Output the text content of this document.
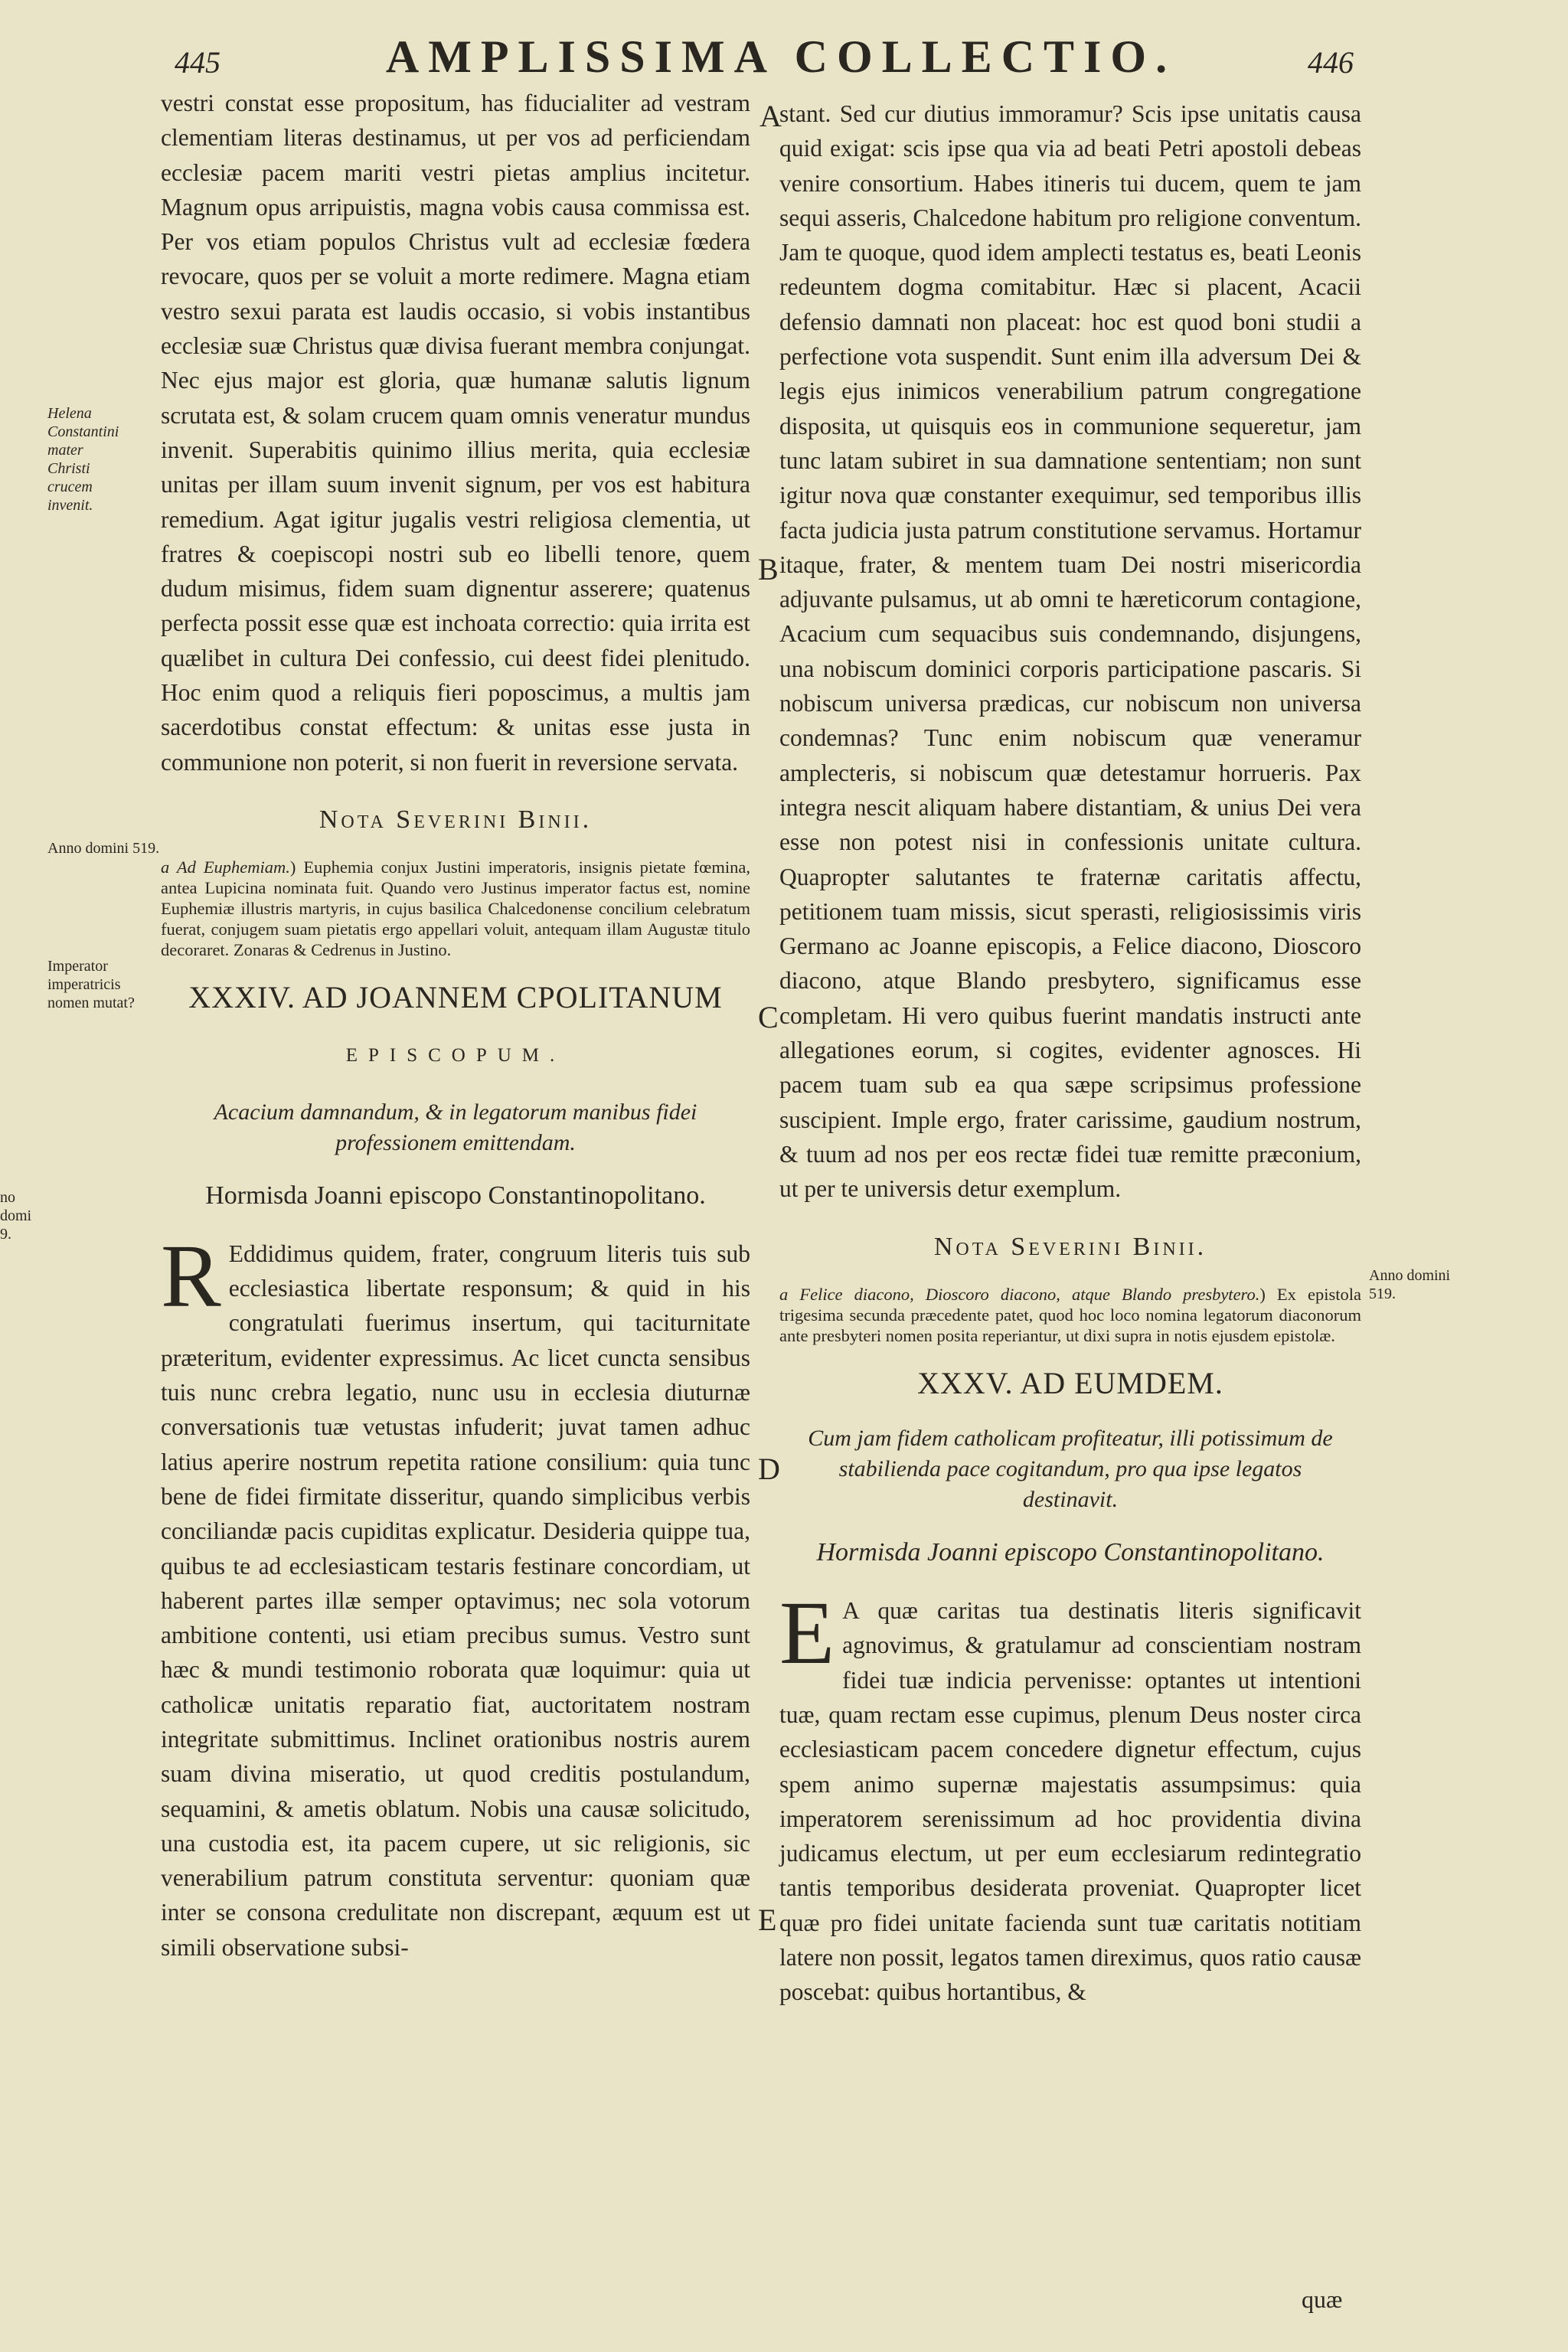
445	AMPLISSIMA COLLECTIO.	446
Helena Constantini mater Christi crucem invenit.
Anno domini 519.
Imperator imperatricis nomen mutat?
no domi 9.
Anno domini 519.
A
B
C
D
E

vestri constat esse propositum, has fiducialiter ad vestram clementiam literas destinamus, ut per vos ad perficiendam ecclesiæ pacem mariti vestri pietas amplius incitetur. Magnum opus arripuistis, magna vobis causa commissa est. Per vos etiam populos Christus vult ad ecclesiæ fœdera revocare, quos per se voluit a morte redimere. Magna etiam vestro sexui parata est laudis occasio, si vobis instantibus ecclesiæ suæ Christus quæ divisa fuerant membra conjungat. Nec ejus major est gloria, quæ humanæ salutis lignum scrutata est, & solam crucem quam omnis veneratur mundus invenit. Superabitis quinimo illius merita, quia ecclesiæ unitas per illam suum invenit signum, per vos est habitura remedium. Agat igitur jugalis vestri religiosa clementia, ut fratres & coepiscopi nostri sub eo libelli tenore, quem dudum misimus, fidem suam dignentur asserere; quatenus perfecta possit esse quæ est inchoata correctio: quia irrita est quælibet in cultura Dei confessio, cui deest fidei plenitudo. Hoc enim quod a reliquis fieri poposcimus, a multis jam sacerdotibus constat effectum: & unitas esse justa in communione non poterit, si non fuerit in reversione servata.

Nota Severini Binii.

a Ad Euphemiam.) Euphemia conjux Justini imperatoris, insignis pietate fœmina, antea Lupicina nominata fuit. Quando vero Justinus imperator factus est, nomine Euphemiæ illustris martyris, in cujus basilica Chalcedonense concilium celebratum fuerat, conjugem suam pietatis ergo appellari voluit, antequam illam Augustæ titulo decoraret. Zonaras & Cedrenus in Justino.

XXXIV. AD JOANNEM CPOLITANUM
EPISCOPUM.
Acacium damnandum, & in legatorum manibus fidei professionem emittendam.
Hormisda Joanni episcopo Constantinopolitano.

R Eddidimus quidem, frater, congruum literis tuis sub ecclesiastica libertate responsum; & quid in his congratulati fuerimus insertum, qui taciturnitate præteritum, evidenter expressimus. Ac licet cuncta sensibus tuis nunc crebra legatio, nunc usu in ecclesia diuturnæ conversationis tuæ vetustas infuderit; juvat tamen adhuc latius aperire nostrum repetita ratione consilium: quia tunc bene de fidei firmitate disseritur, quando simplicibus verbis conciliandæ pacis cupiditas explicatur. Desideria quippe tua, quibus te ad ecclesiasticam testaris festinare concordiam, ut haberent partes illæ semper optavimus; nec sola votorum ambitione contenti, usi etiam precibus sumus. Vestro sunt hæc & mundi testimonio roborata quæ loquimur: quia ut catholicæ unitatis reparatio fiat, auctoritatem nostram integritate submittimus. Inclinet orationibus nostris aurem suam divina miseratio, ut quod creditis postulandum, sequamini, & ametis oblatum. Nobis una causæ solicitudo, una custodia est, ita pacem cupere, ut sic religionis, sic venerabilium patrum constituta serventur: quoniam quæ inter se consona credulitate non discrepant, æquum est ut simili observatione subsi-

stant. Sed cur diutius immoramur? Scis ipse unitatis causa quid exigat: scis ipse qua via ad beati Petri apostoli debeas venire consortium. Habes itineris tui ducem, quem te jam sequi asseris, Chalcedone habitum pro religione conventum. Jam te quoque, quod idem amplecti testatus es, beati Leonis redeuntem dogma comitabitur. Hæc si placent, Acacii defensio damnati non placeat: hoc est quod boni studii a perfectione vota suspendit. Sunt enim illa adversum Dei & legis ejus inimicos venerabilium patrum congregatione disposita, ut quisquis eos in communione sequeretur, jam tunc latam subiret in sua damnatione sententiam; non sunt igitur nova quæ constanter exequimur, sed temporibus illis facta judicia justa patrum constitutione servamus. Hortamur itaque, frater, & mentem tuam Dei nostri misericordia adjuvante pulsamus, ut ab omni te hæreticorum contagione, Acacium cum sequacibus suis condemnando, disjungens, una nobiscum dominici corporis participatione pascaris. Si nobiscum universa prædicas, cur nobiscum non universa condemnas? Tunc enim nobiscum quæ veneramur amplecteris, si nobiscum quæ detestamur horrueris. Pax integra nescit aliquam habere distantiam, & unius Dei vera esse non potest nisi in confessionis unitate cultura. Quapropter salutantes te fraternæ caritatis affectu, petitionem tuam missis, sicut sperasti, religiosissimis viris Germano ac Joanne episcopis, a Felice diacono, Dioscoro diacono, atque Blando presbytero, significamus esse completam. Hi vero quibus fuerint mandatis instructi ante allegationes eorum, si cogites, evidenter agnosces. Hi pacem tuam sub ea qua sæpe scripsimus professione suscipient. Imple ergo, frater carissime, gaudium nostrum, & tuum ad nos per eos rectæ fidei tuæ remitte præconium, ut per te universis detur exemplum.

Nota Severini Binii.

a Felice diacono, Dioscoro diacono, atque Blando presbytero.) Ex epistola trigesima secunda præcedente patet, quod hoc loco nomina legatorum diaconorum ante presbyteri nomen posita reperiantur, ut dixi supra in notis ejusdem epistolæ.

XXXV. AD EUMDEM.
Cum jam fidem catholicam profiteatur, illi potissimum de stabilienda pace cogitandum, pro qua ipse legatos destinavit.
Hormisda Joanni episcopo Constantinopolitano.

E A quæ caritas tua destinatis literis significavit agnovimus, & gratulamur ad conscientiam nostram fidei tuæ indicia pervenisse: optantes ut intentioni tuæ, quam rectam esse cupimus, plenum Deus noster circa ecclesiasticam pacem concedere dignetur effectum, cujus spem animo supernæ majestatis assumpsimus: quia imperatorem serenissimum ad hoc providentia divina judicamus electum, ut per eum ecclesiarum redintegratio tantis temporibus desiderata proveniat. Quapropter licet quæ pro fidei unitate facienda sunt tuæ caritatis notitiam latere non possit, legatos tamen direximus, quos ratio causæ poscebat: quibus hortantibus, &

quæ
